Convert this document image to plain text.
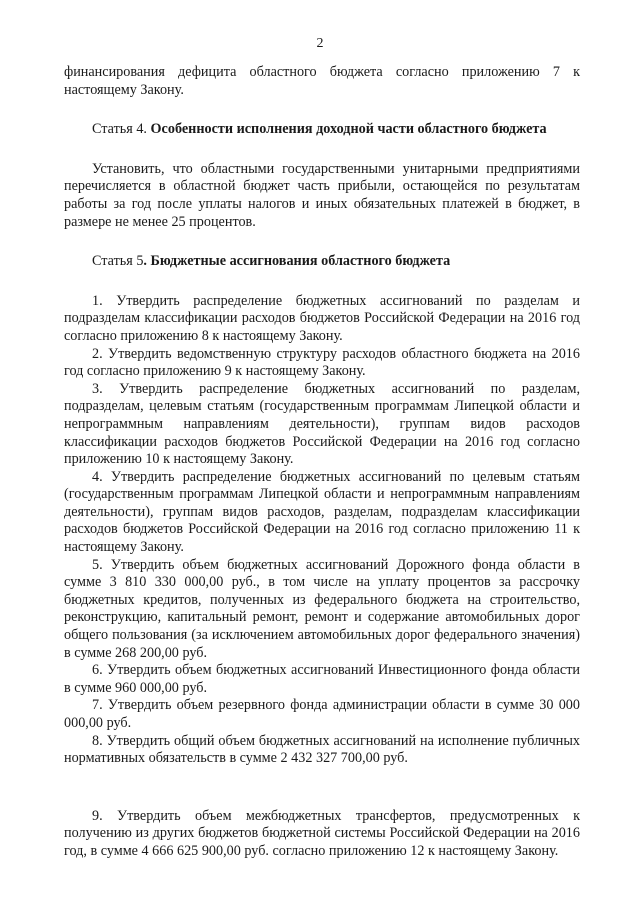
2

финансирования дефицита областного бюджета согласно приложению 7 к настоящему Закону.

Статья 4. Особенности исполнения доходной части областного бюджета

Установить, что областными государственными унитарными предприятиями перечисляется в областной бюджет часть прибыли, остающейся по результатам работы за год после уплаты налогов и иных обязательных платежей в бюджет, в размере не менее 25 процентов.

Статья 5. Бюджетные ассигнования областного бюджета

1. Утвердить распределение бюджетных ассигнований по разделам и подразделам классификации расходов бюджетов Российской Федерации на 2016 год согласно приложению 8 к настоящему Закону.

2. Утвердить ведомственную структуру расходов областного бюджета на 2016 год согласно приложению 9 к настоящему Закону.

3. Утвердить распределение бюджетных ассигнований по разделам, подразделам, целевым статьям (государственным программам Липецкой области и непрограммным направлениям деятельности), группам видов расходов классификации расходов бюджетов Российской Федерации на 2016 год согласно приложению 10 к настоящему Закону.

4. Утвердить распределение бюджетных ассигнований по целевым статьям (государственным программам Липецкой области и непрограммным направлениям деятельности), группам видов расходов, разделам, подразделам классификации расходов бюджетов Российской Федерации на 2016 год согласно приложению 11 к настоящему Закону.

5. Утвердить объем бюджетных ассигнований Дорожного фонда области в сумме 3 810 330 000,00 руб., в том числе на уплату процентов за рассрочку бюджетных кредитов, полученных из федерального бюджета на строительство, реконструкцию, капитальный ремонт, ремонт и содержание автомобильных дорог общего пользования (за исключением автомобильных дорог федерального значения) в сумме 268 200,00 руб.

6. Утвердить объем бюджетных ассигнований Инвестиционного фонда области в сумме 960 000,00 руб.

7. Утвердить объем резервного фонда администрации области в сумме 30 000 000,00 руб.

8. Утвердить общий объем бюджетных ассигнований на исполнение публичных нормативных обязательств в сумме 2 432 327 700,00 руб.

9. Утвердить объем межбюджетных трансфертов, предусмотренных к получению из других бюджетов бюджетной системы Российской Федерации на 2016 год, в сумме 4 666 625 900,00 руб. согласно приложению 12 к настоящему Закону.
